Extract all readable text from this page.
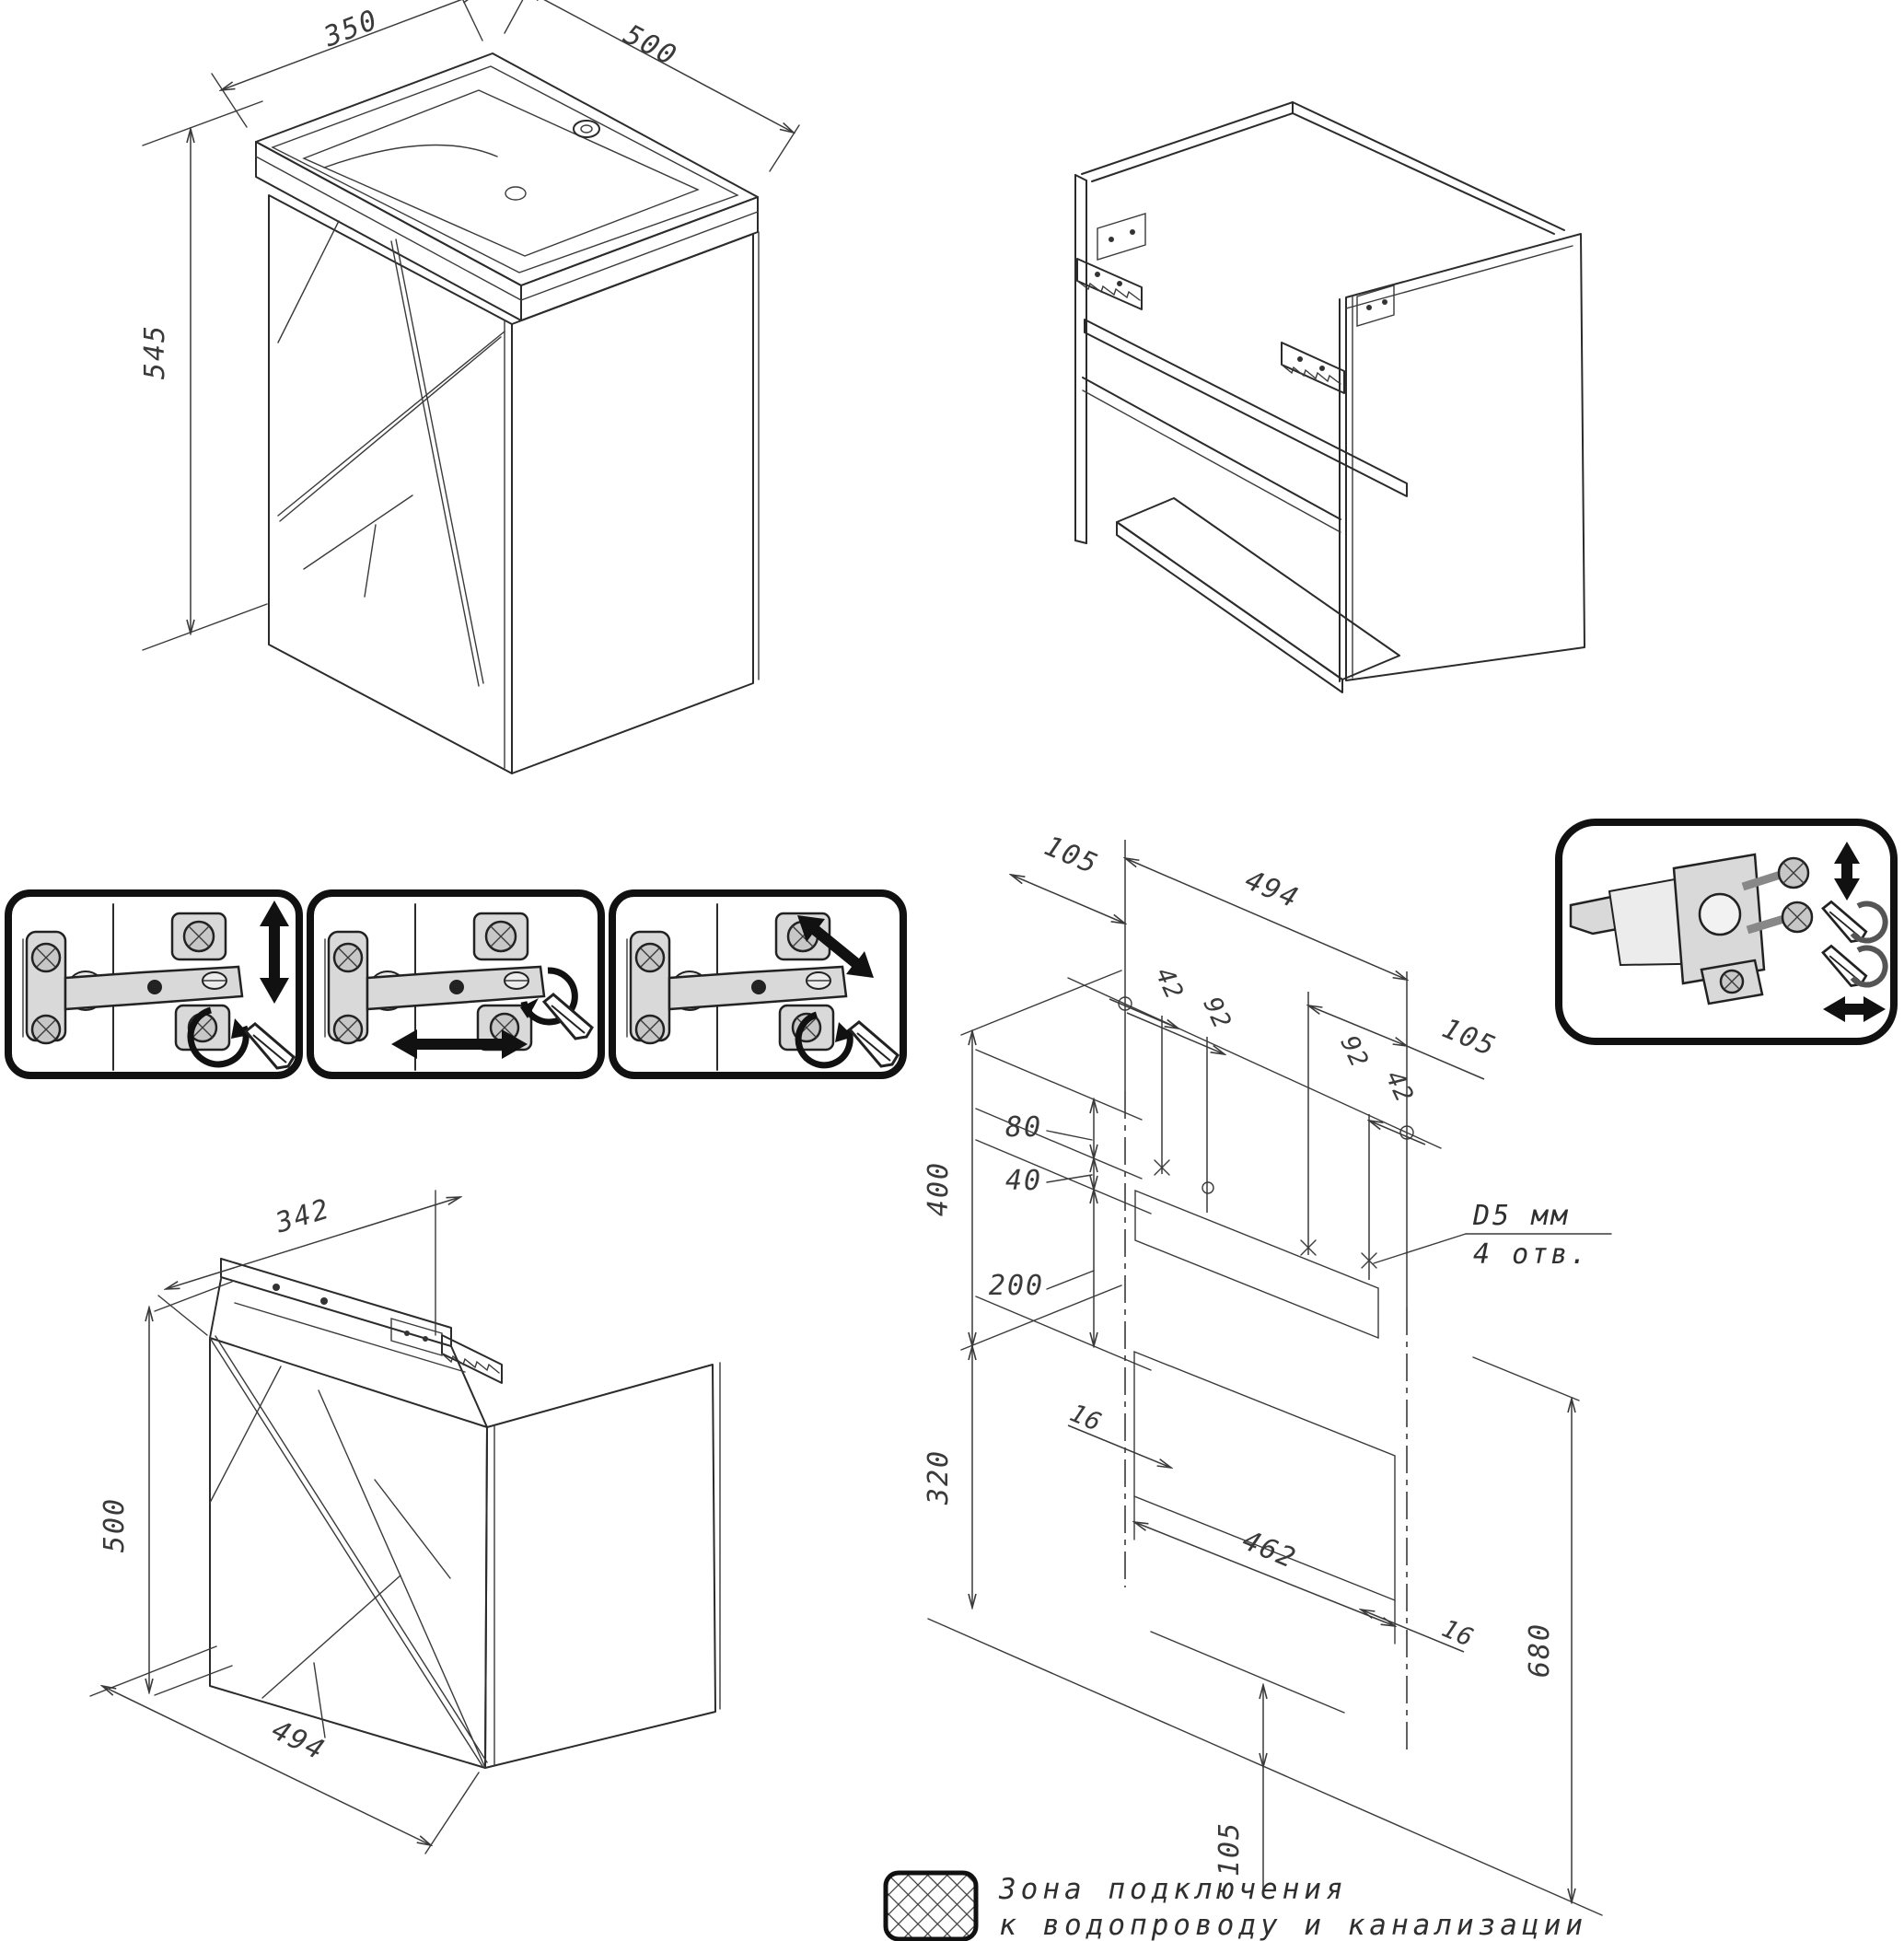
350	500
545
342
500
494
494
105
42
92
92
42
105
80
40
200
400
320
16
462
16 680
105
D5 мм
4 отв.
Зона подключения
к водопроводу и канализации
